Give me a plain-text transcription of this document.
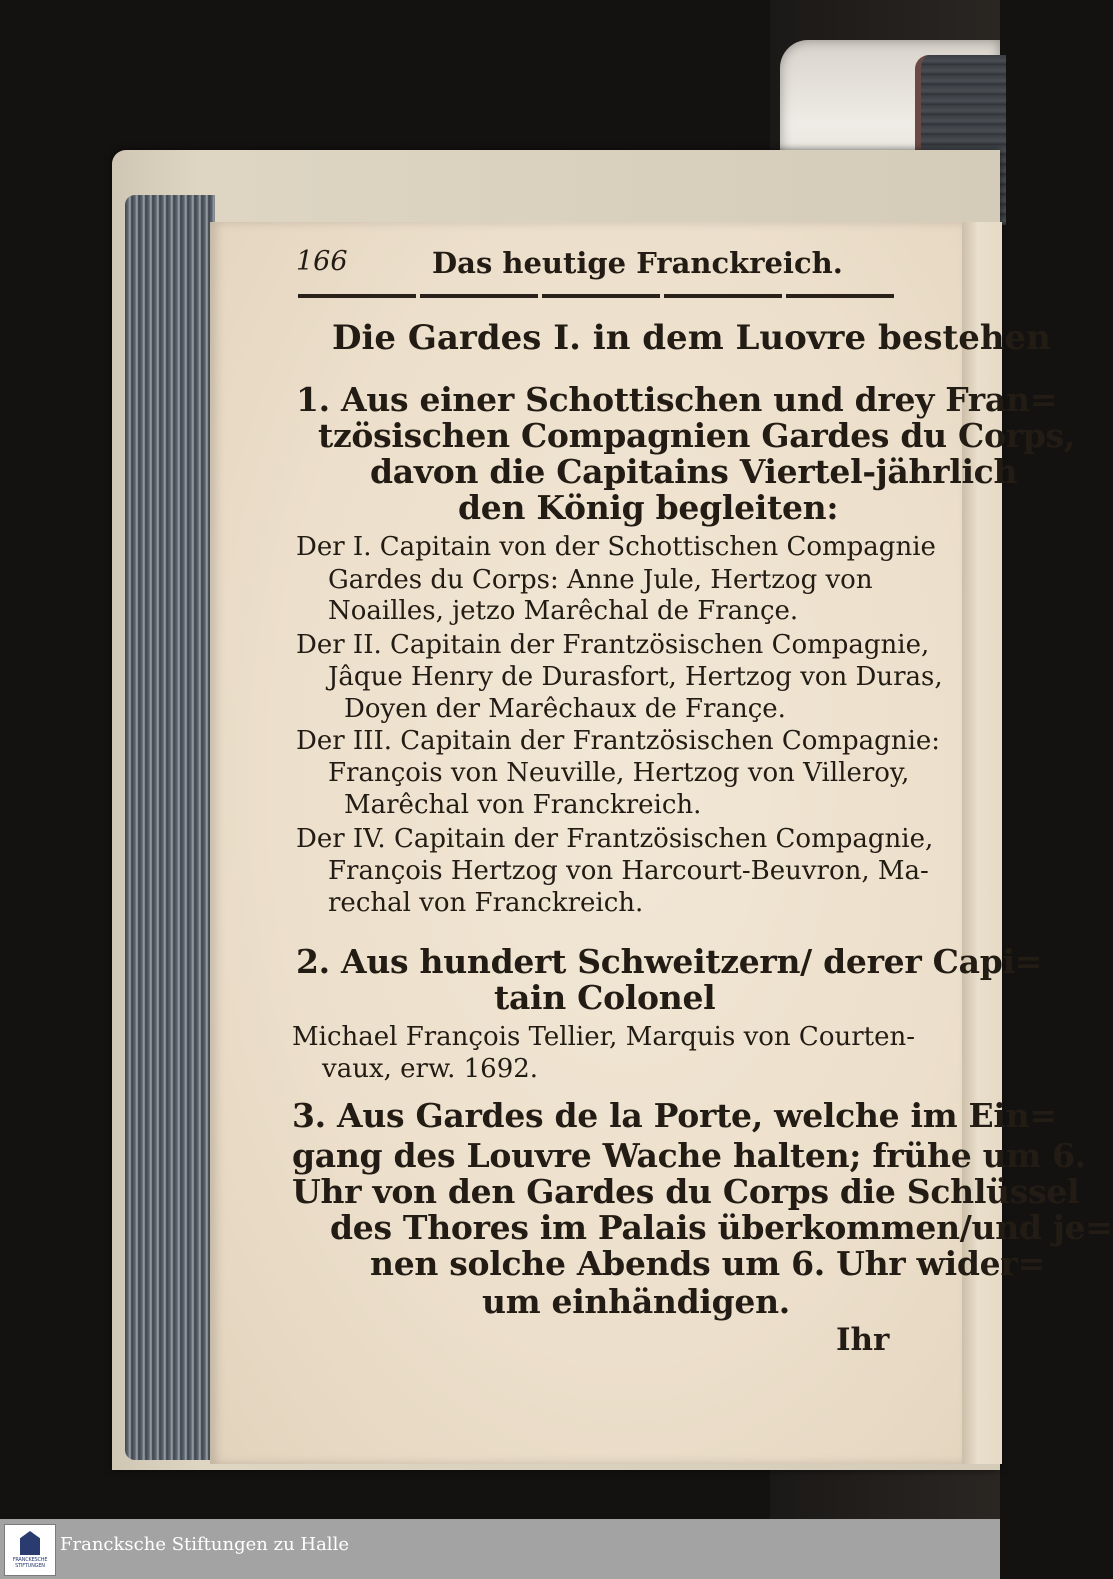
166	Das heutige Franckreich.
Die Gardes I. in dem Luovre bestehen
1. Aus einer Schottischen und drey Fran=
tzösischen Compagnien Gardes du Corps,
davon die Capitains Viertel-jährlich
den König begleiten:
Der I. Capitain von der Schottischen Compagnie
Gardes du Corps: Anne Jule, Hertzog von
Noailles, jetzo Marêchal de Françe.
Der II. Capitain der Frantzösischen Compagnie,
Jâque Henry de Durasfort, Hertzog von Duras,
Doyen der Marêchaux de Françe.
Der III. Capitain der Frantzösischen Compagnie:
François von Neuville, Hertzog von Villeroy,
Marêchal von Franckreich.
Der IV. Capitain der Frantzösischen Compagnie,
François Hertzog von Harcourt-Beuvron, Ma-
rechal von Franckreich.
2. Aus hundert Schweitzern/ derer Capi=
tain Colonel
Michael François Tellier, Marquis von Courten-
vaux, erw. 1692.
3. Aus Gardes de la Porte, welche im Ein=
gang des Louvre Wache halten; frühe um 6.
Uhr von den Gardes du Corps die Schlüssel
des Thores im Palais überkommen/und je=
nen solche Abends um 6. Uhr wider=
um einhändigen.
Ihr
FRANCKESCHE STIFTUNGEN
Francksche Stiftungen zu Halle
